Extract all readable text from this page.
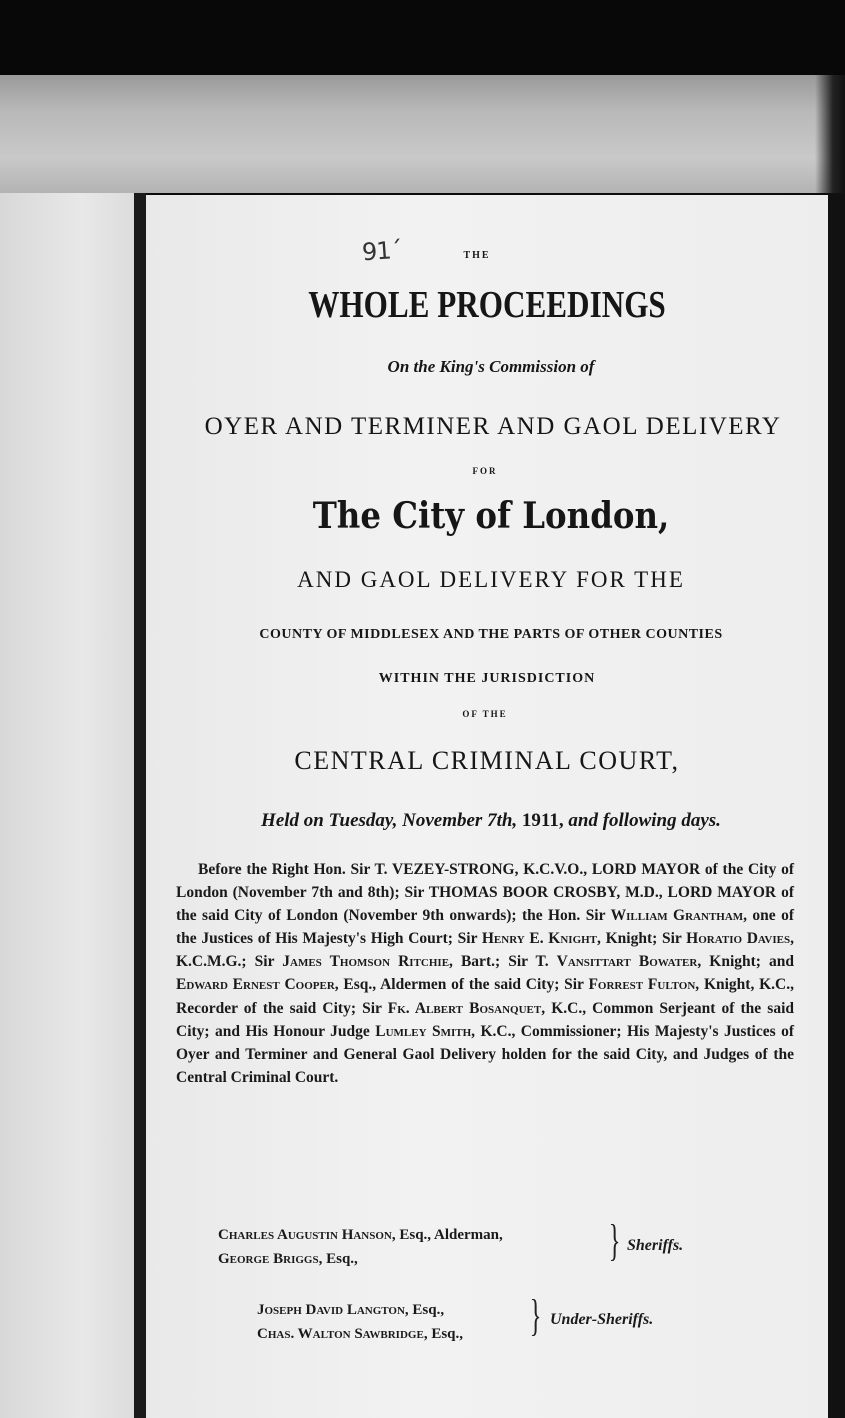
91´	THE
WHOLE PROCEEDINGS
On the King's Commission of
OYER AND TERMINER AND GAOL DELIVERY
FOR
The City of London,
AND GAOL DELIVERY FOR THE
COUNTY OF MIDDLESEX AND THE PARTS OF OTHER COUNTIES
WITHIN THE JURISDICTION
OF THE
CENTRAL CRIMINAL COURT,
Held on Tuesday, November 7th, 1911, and following days.
Before the Right Hon. Sir T. VEZEY-STRONG, K.C.V.O., LORD MAYOR of the City of London (November 7th and 8th); Sir THOMAS BOOR CROSBY, M.D., LORD MAYOR of the said City of London (November 9th onwards); the Hon. Sir William Grantham, one of the Justices of His Majesty's High Court; Sir Henry E. Knight, Knight; Sir Horatio Davies, K.C.M.G.; Sir James Thomson Ritchie, Bart.; Sir T. Vansittart Bowater, Knight; and Edward Ernest Cooper, Esq., Aldermen of the said City; Sir Forrest Fulton, Knight, K.C., Recorder of the said City; Sir Fk. Albert Bosanquet, K.C., Common Serjeant of the said City; and His Honour Judge Lumley Smith, K.C., Commissioner; His Majesty's Justices of Oyer and Terminer and General Gaol Delivery holden for the said City, and Judges of the Central Criminal Court.
Charles Augustin Hanson, Esq., Alderman,
George Briggs, Esq.,	} Sheriffs.
Joseph David Langton, Esq.,
Chas. Walton Sawbridge, Esq., } Under-Sheriffs.
